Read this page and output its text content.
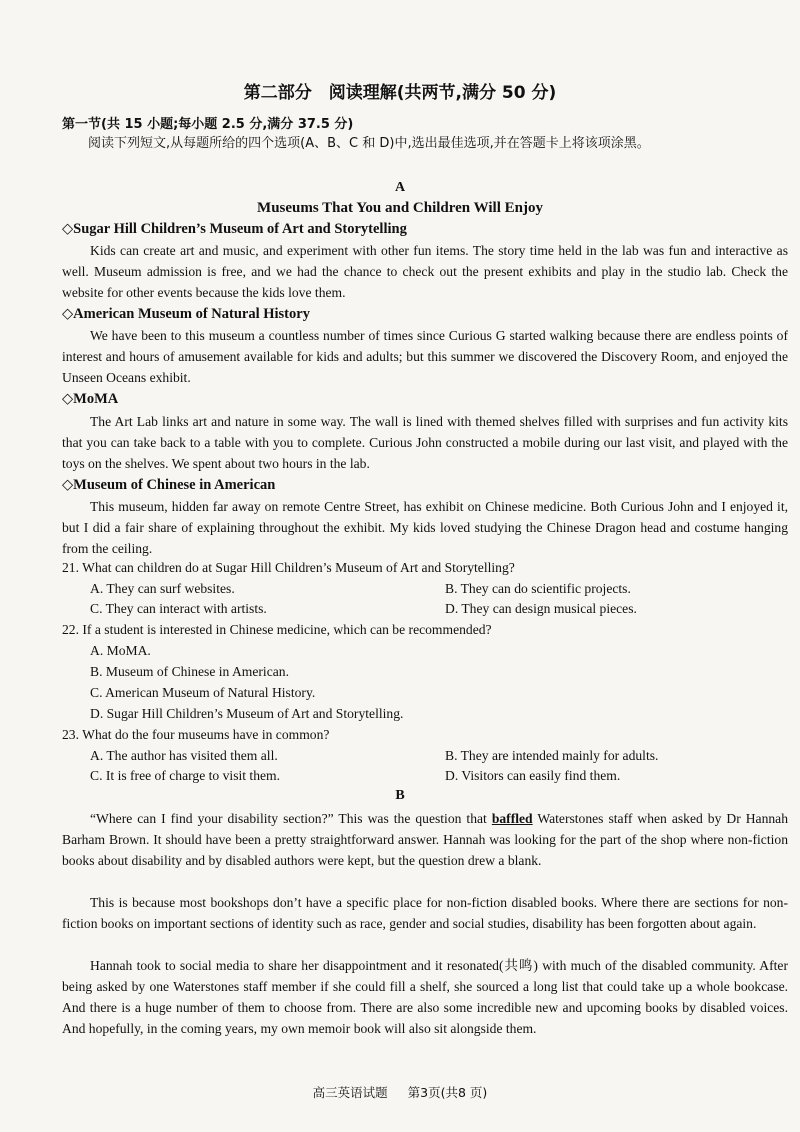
第二部分　阅读理解(共两节,满分 50 分)
第一节(共 15 小题;每小题 2.5 分,满分 37.5 分)
阅读下列短文,从每题所给的四个选项(A、B、C 和 D)中,选出最佳选项,并在答题卡上将该项涂黑。
A
Museums That You and Children Will Enjoy
◇Sugar Hill Children’s Museum of Art and Storytelling
Kids can create art and music, and experiment with other fun items. The story time held in the lab was fun and interactive as well. Museum admission is free, and we had the chance to check out the present exhibits and play in the studio lab. Check the website for other events because the kids love them.
◇American Museum of Natural History
We have been to this museum a countless number of times since Curious G started walking because there are endless points of interest and hours of amusement available for kids and adults; but this summer we discovered the Discovery Room, and enjoyed the Unseen Oceans exhibit.
◇MoMA
The Art Lab links art and nature in some way. The wall is lined with themed shelves filled with surprises and fun activity kits that you can take back to a table with you to complete. Curious John constructed a mobile during our last visit, and played with the toys on the shelves. We spent about two hours in the lab.
◇Museum of Chinese in American
This museum, hidden far away on remote Centre Street, has exhibit on Chinese medicine. Both Curious John and I enjoyed it, but I did a fair share of explaining throughout the exhibit. My kids loved studying the Chinese Dragon head and costume hanging from the ceiling.
21. What can children do at Sugar Hill Children’s Museum of Art and Storytelling?
A. They can surf websites.	B. They can do scientific projects.
C. They can interact with artists.	D. They can design musical pieces.
22. If a student is interested in Chinese medicine, which can be recommended?
A. MoMA.
B. Museum of Chinese in American.
C. American Museum of Natural History.
D. Sugar Hill Children’s Museum of Art and Storytelling.
23. What do the four museums have in common?
A. The author has visited them all.	B. They are intended mainly for adults.
C. It is free of charge to visit them.	D. Visitors can easily find them.
B
“Where can I find your disability section?” This was the question that baffled Waterstones staff when asked by Dr Hannah Barham Brown. It should have been a pretty straightforward answer. Hannah was looking for the part of the shop where non-fiction books about disability and by disabled authors were kept, but the question drew a blank.
This is because most bookshops don’t have a specific place for non-fiction disabled books. Where there are sections for non-fiction books on important sections of identity such as race, gender and social studies, disability has been forgotten about again.
Hannah took to social media to share her disappointment and it resonated(共鸣) with much of the disabled community. After being asked by one Waterstones staff member if she could fill a shelf, she sourced a long list that could take up a whole bookcase. And there is a huge number of them to choose from. There are also some incredible new and upcoming books by disabled voices. And hopefully, in the coming years, my own memoir book will also sit alongside them.
高三英语试题 第3页(共8 页)
